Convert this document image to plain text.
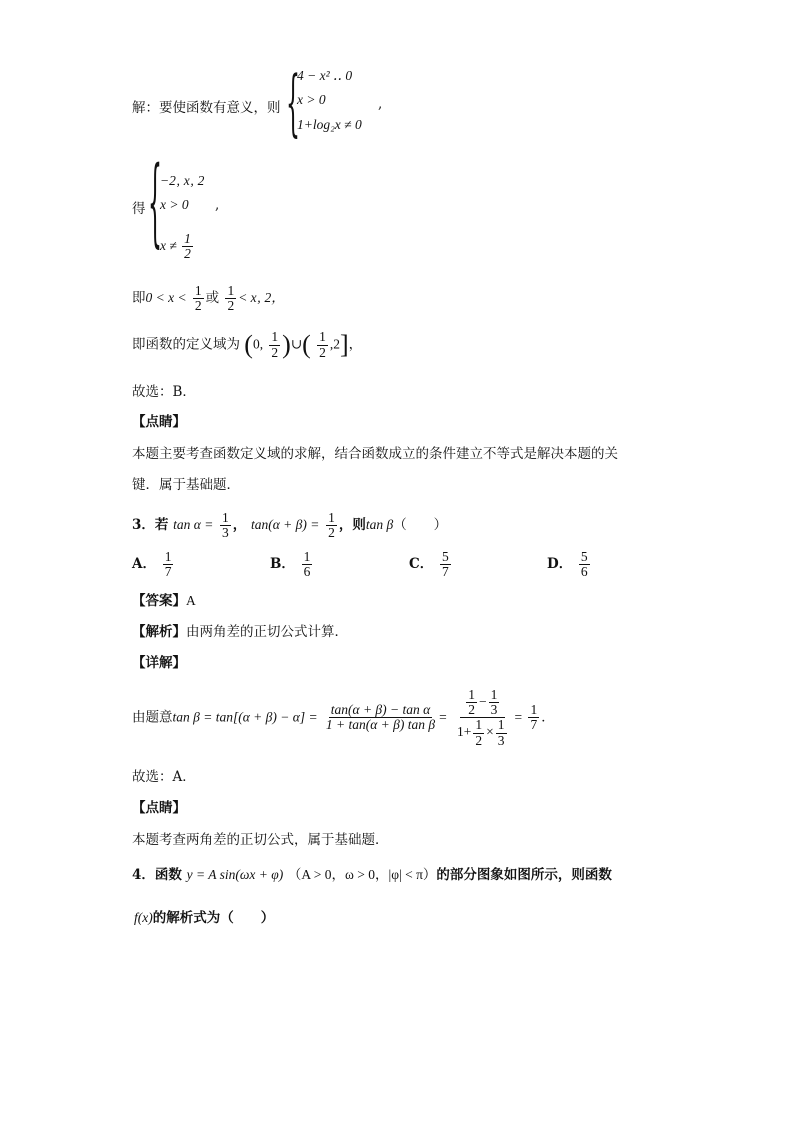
解：要使函数有意义，则 {
4 − x² ‥ 0
x > 0
1+log₂x ≠ 0
,
得 {
−2‚ x‚ 2
x > 0
$x \ne \frac{1}{2}$
,
即$0 < x < \frac{1}{2}$ 或 $\frac{1}{2}$ < x‚ 2，
即函数的定义域为 (0, $\frac{1}{2}$ )∪( $\frac{1}{2} ,2$]，
故选：B．
【点睛】
本题主要考查函数定义域的求解，结合函数成立的条件建立不等式是解决本题的关
键．属于基础题．
3．若 $\tan \alpha = \frac{1}{3}$ ， $\tan(\alpha + \beta) = \frac{1}{2}$ ，则tan β（　　）
A． $\frac{1}{7}$	B． $\frac{1}{6}$	C． $\frac{5}{7}$	D． $\frac{5}{6}$
【答案】A
【解析】由两角差的正切公式计算．
【详解】
由题意$\tan \beta = \tan[(\alpha + \beta) - \alpha] = \frac{\text{tan(α + β) − tan α}}{\text{1 + tan(α + β) tan β}} = \frac{\frac{1}{2} - \frac{1}{3}}{1+ \frac{1}{2} \times \frac{1}{3}} = \frac{1}{7}$ ．
故选：A．
【点睛】
本题考查两角差的正切公式，属于基础题．
4．函数 y = A sin(ωx + φ) （A > 0，ω > 0，|φ| < π）的部分图象如图所示，则函数
f(x)的解析式为（　　）
